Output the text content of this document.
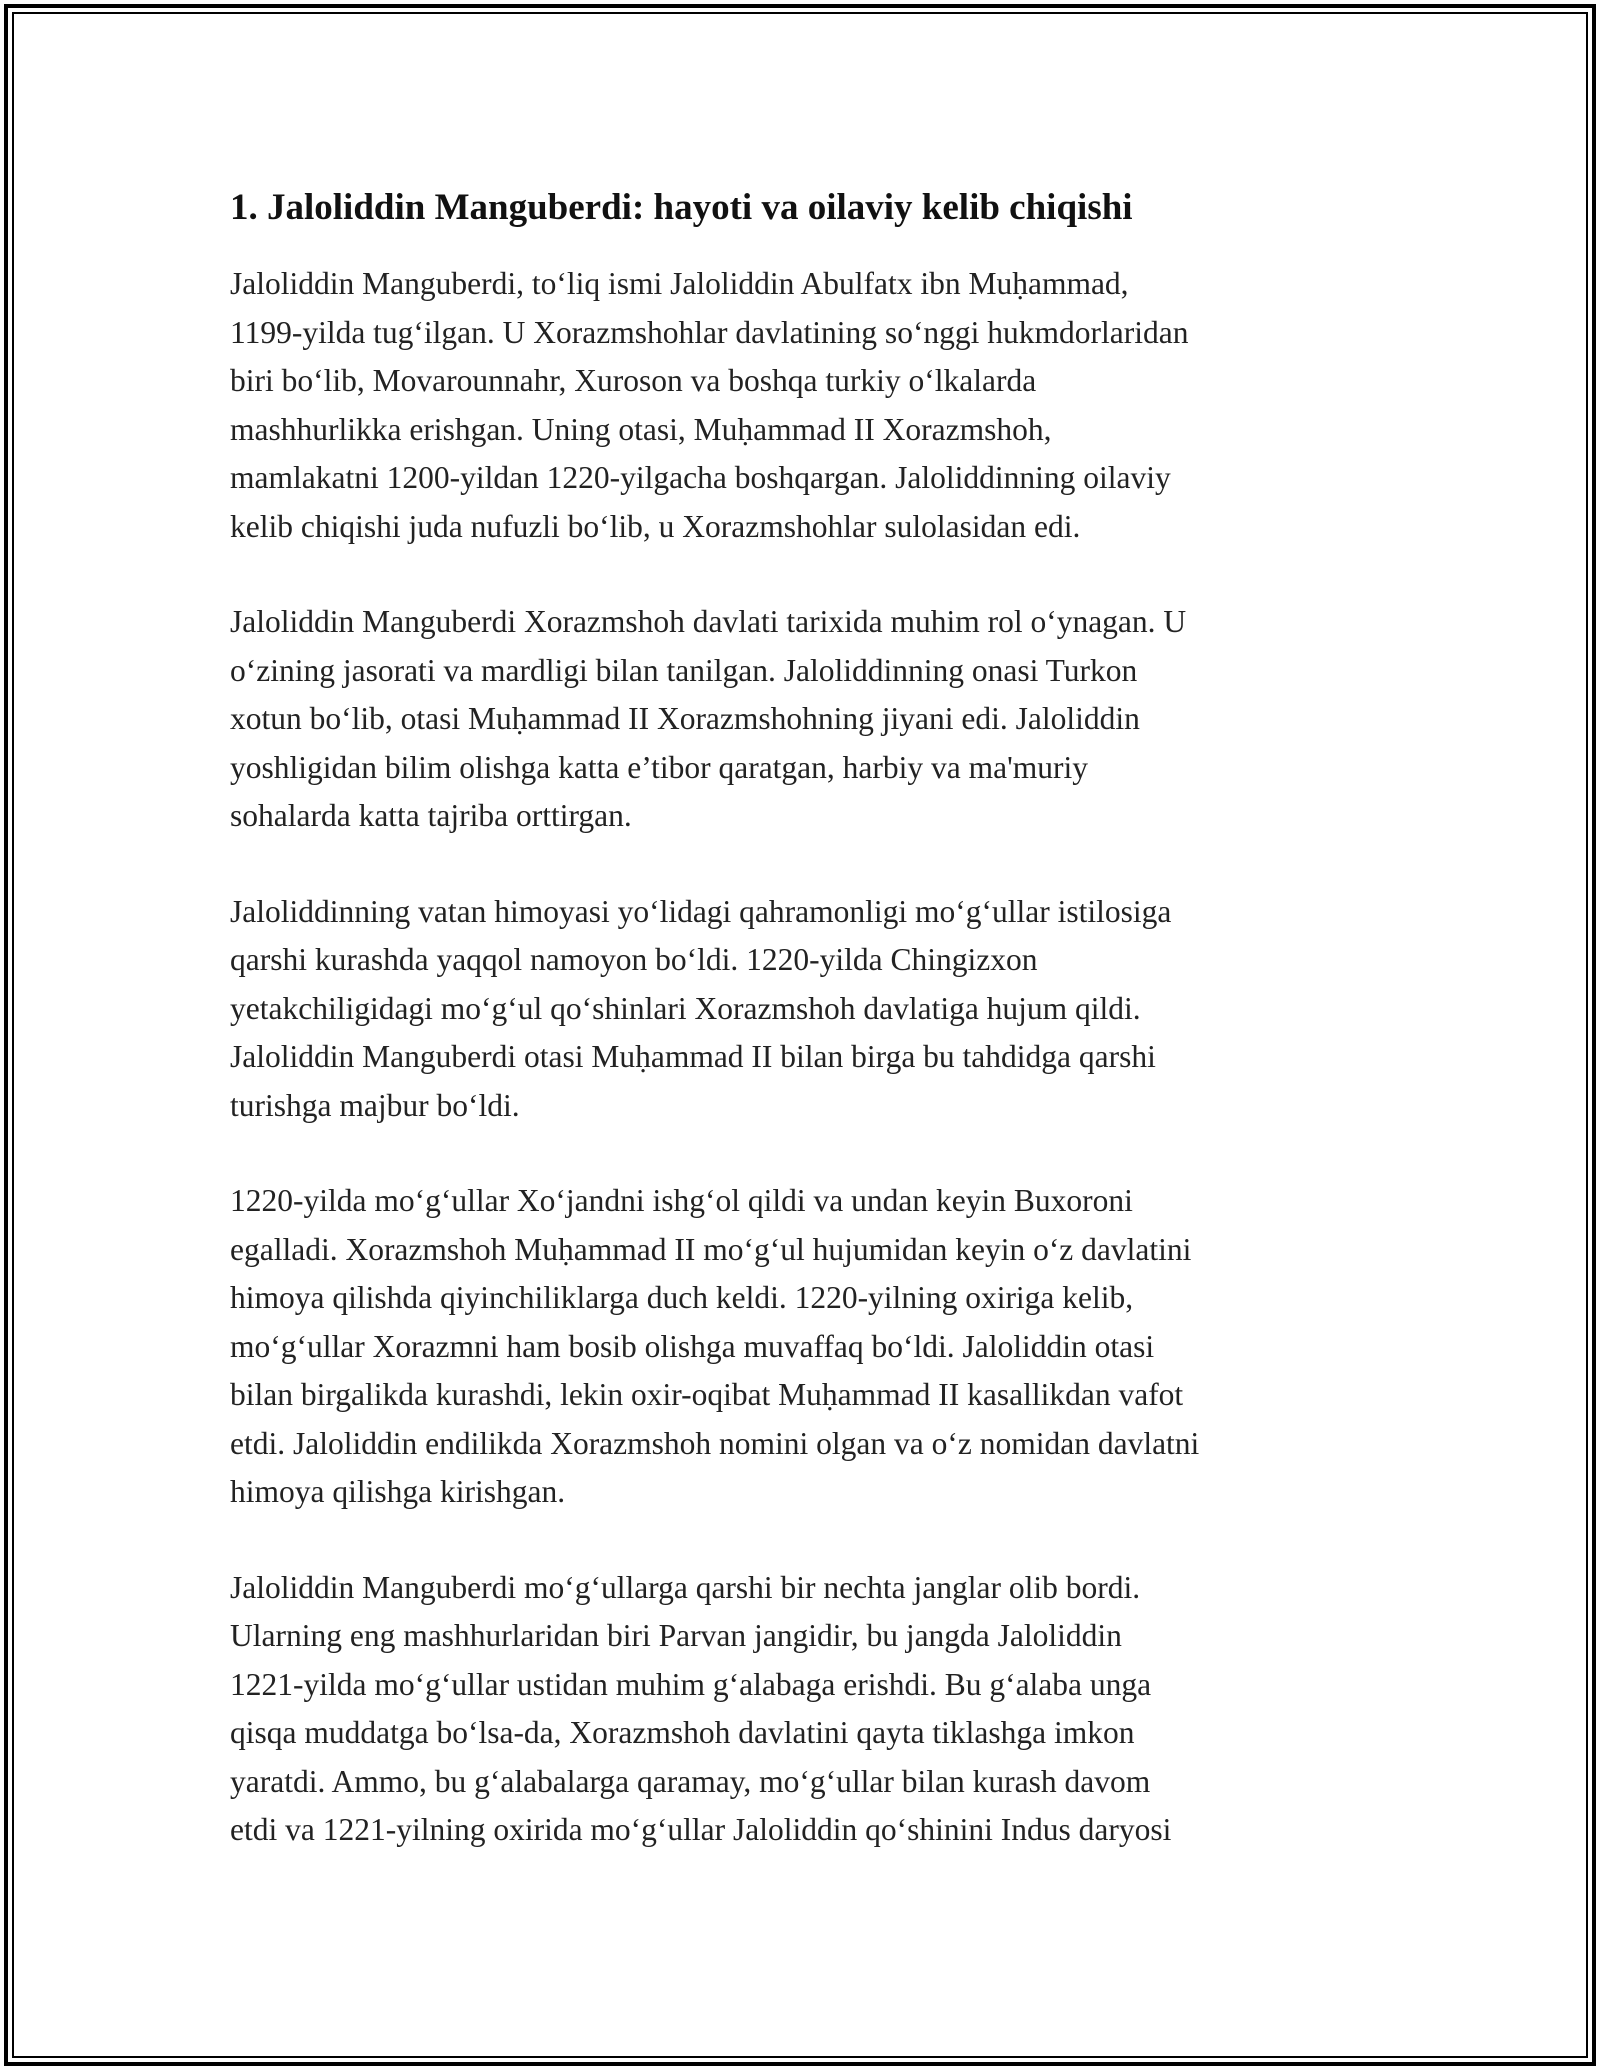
1. Jaloliddin Manguberdi: hayoti va oilaviy kelib chiqishi

Jaloliddin Manguberdi, to‘liq ismi Jaloliddin Abulfatx ibn Muḥammad,
1199-yilda tug‘ilgan. U Xorazmshohlar davlatining so‘nggi hukmdorlaridan
biri bo‘lib, Movarounnahr, Xuroson va boshqa turkiy o‘lkalarda
mashhurlikka erishgan. Uning otasi, Muḥammad II Xorazmshoh,
mamlakatni 1200-yildan 1220-yilgacha boshqargan. Jaloliddinning oilaviy
kelib chiqishi juda nufuzli bo‘lib, u Xorazmshohlar sulolasidan edi.

Jaloliddin Manguberdi Xorazmshoh davlati tarixida muhim rol o‘ynagan. U
o‘zining jasorati va mardligi bilan tanilgan. Jaloliddinning onasi Turkon
xotun bo‘lib, otasi Muḥammad II Xorazmshohning jiyani edi. Jaloliddin
yoshligidan bilim olishga katta e’tibor qaratgan, harbiy va ma'muriy
sohalarda katta tajriba orttirgan.

Jaloliddinning vatan himoyasi yo‘lidagi qahramonligi mo‘g‘ullar istilosiga
qarshi kurashda yaqqol namoyon bo‘ldi. 1220-yilda Chingizxon
yetakchiligidagi mo‘g‘ul qo‘shinlari Xorazmshoh davlatiga hujum qildi.
Jaloliddin Manguberdi otasi Muḥammad II bilan birga bu tahdidga qarshi
turishga majbur bo‘ldi.

1220-yilda mo‘g‘ullar Xo‘jandni ishg‘ol qildi va undan keyin Buxoroni
egalladi. Xorazmshoh Muḥammad II mo‘g‘ul hujumidan keyin o‘z davlatini
himoya qilishda qiyinchiliklarga duch keldi. 1220-yilning oxiriga kelib,
mo‘g‘ullar Xorazmni ham bosib olishga muvaffaq bo‘ldi. Jaloliddin otasi
bilan birgalikda kurashdi, lekin oxir-oqibat Muḥammad II kasallikdan vafot
etdi. Jaloliddin endilikda Xorazmshoh nomini olgan va o‘z nomidan davlatni
himoya qilishga kirishgan.

Jaloliddin Manguberdi mo‘g‘ullarga qarshi bir nechta janglar olib bordi.
Ularning eng mashhurlaridan biri Parvan jangidir, bu jangda Jaloliddin
1221-yilda mo‘g‘ullar ustidan muhim g‘alabaga erishdi. Bu g‘alaba unga
qisqa muddatga bo‘lsa-da, Xorazmshoh davlatini qayta tiklashga imkon
yaratdi. Ammo, bu g‘alabalarga qaramay, mo‘g‘ullar bilan kurash davom
etdi va 1221-yilning oxirida mo‘g‘ullar Jaloliddin qo‘shinini Indus daryosi
